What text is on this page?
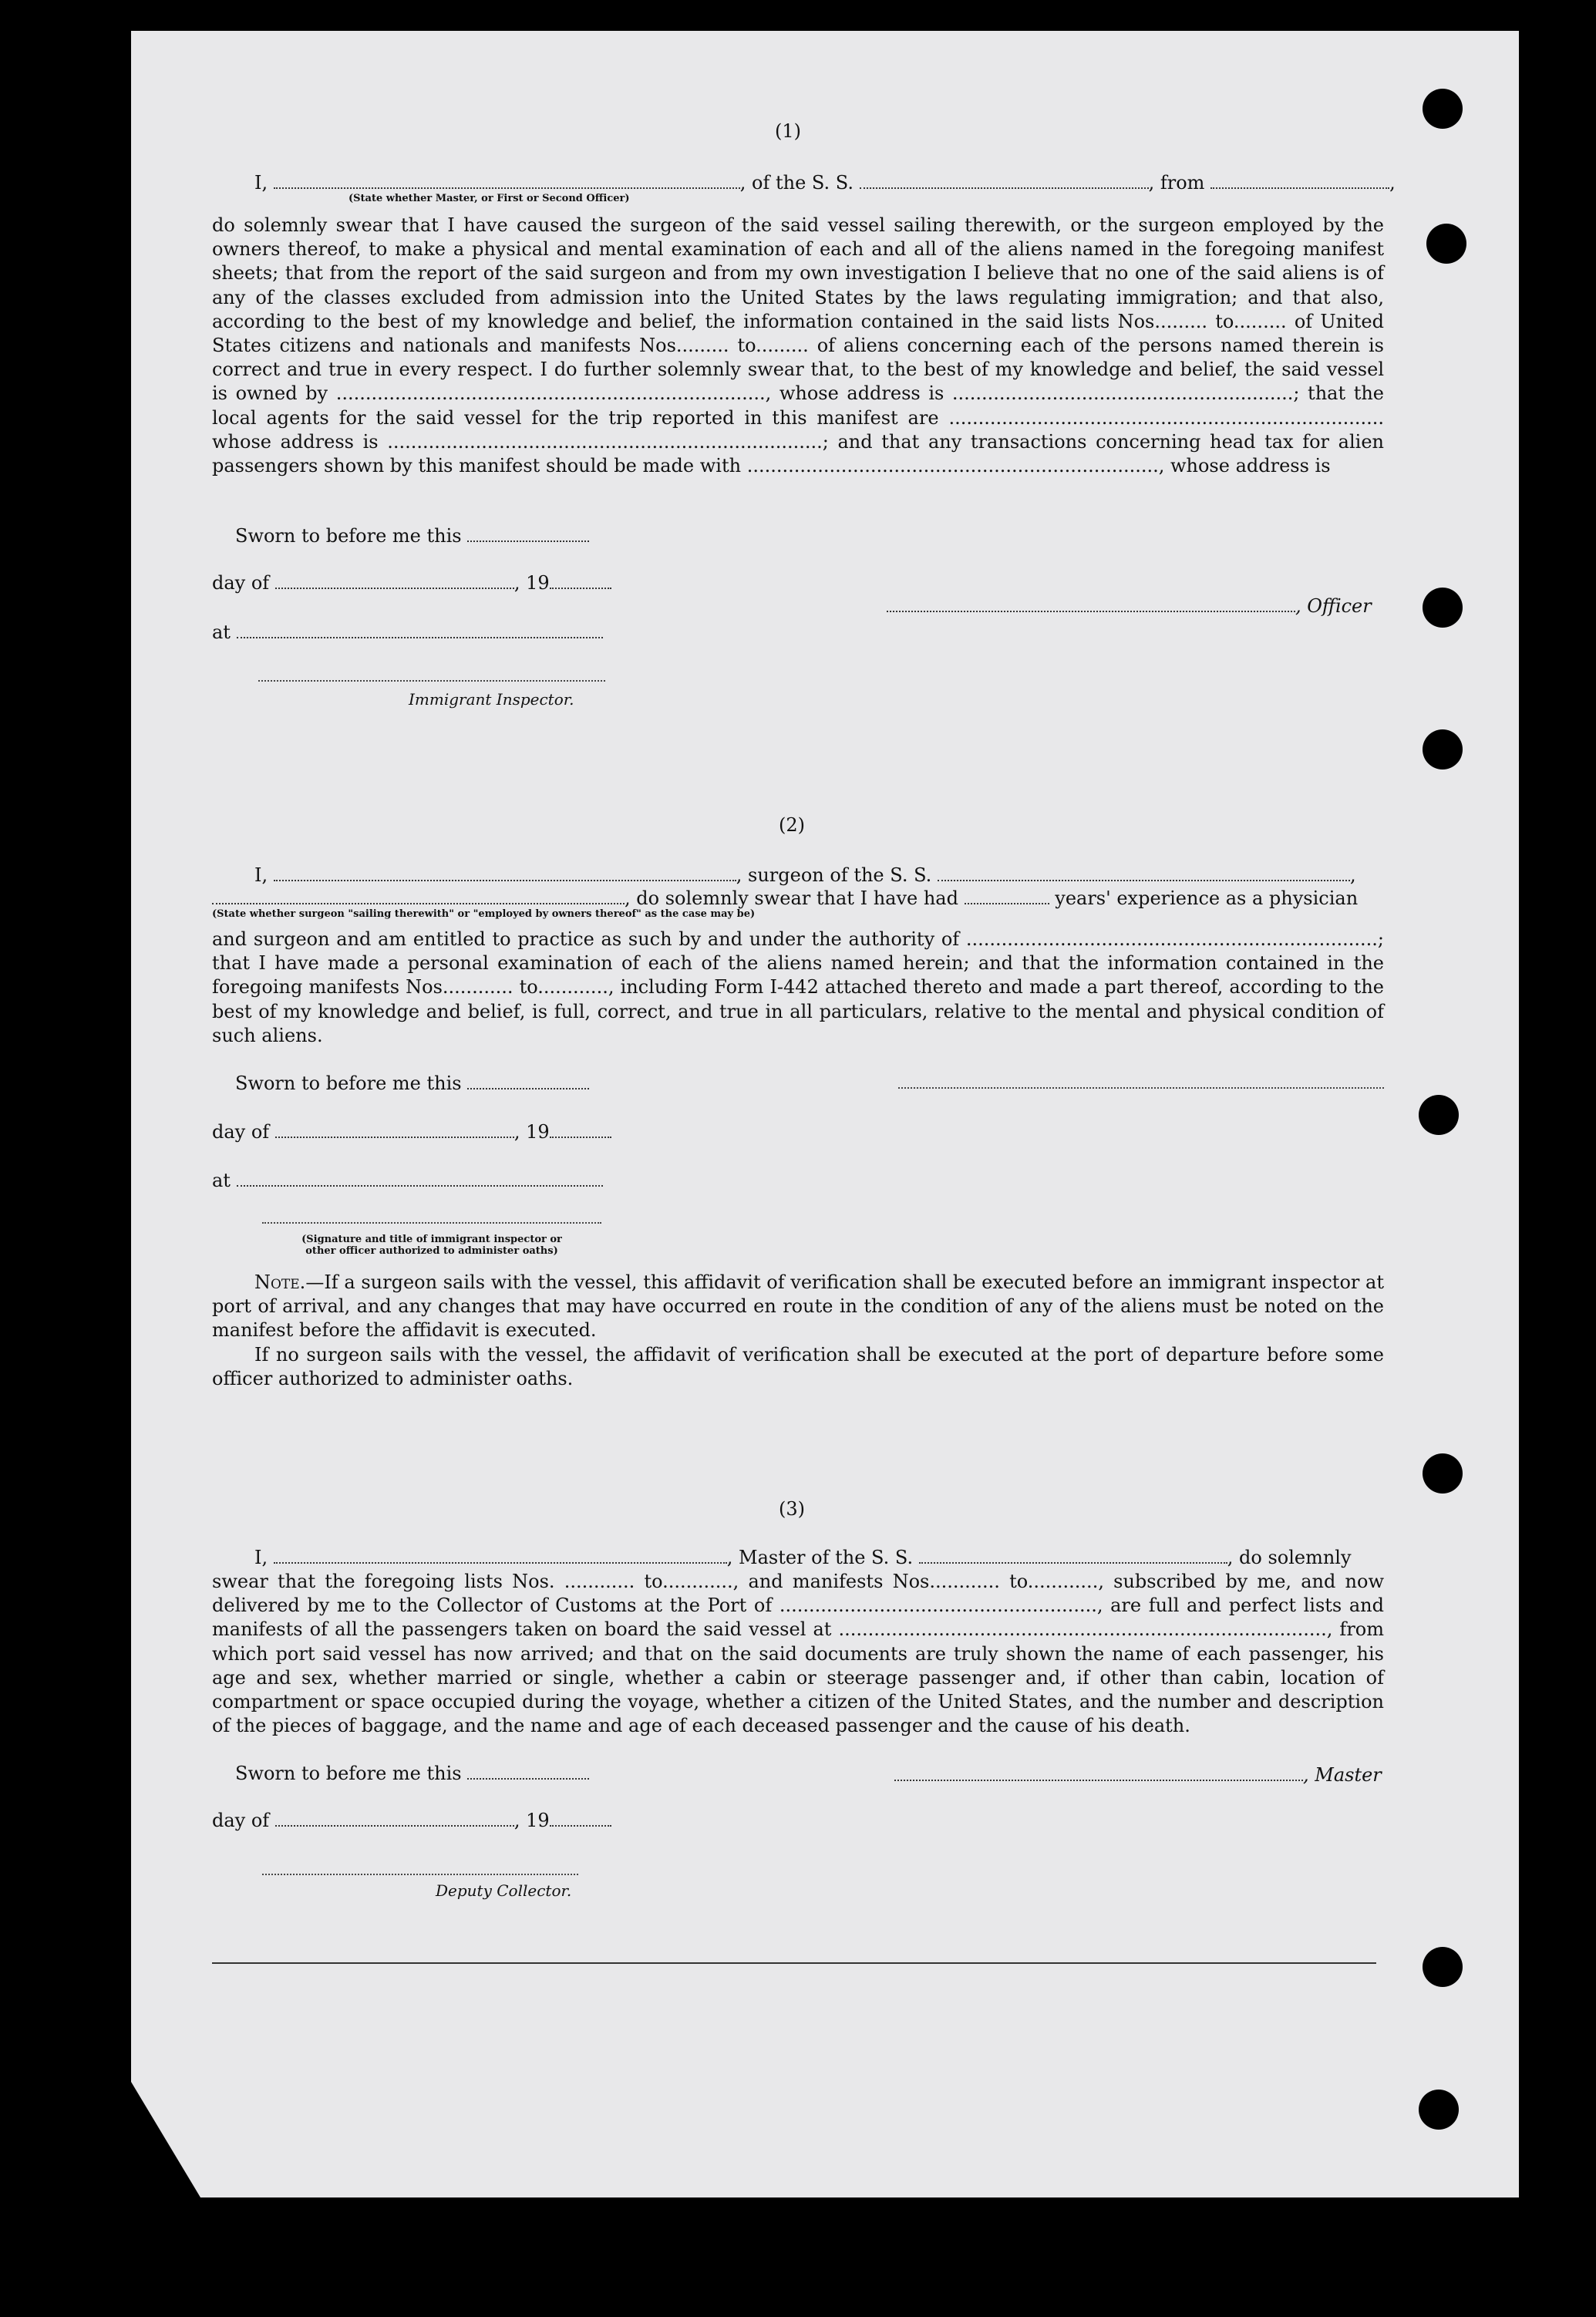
(1)
I,	, of the S. S.	, from	,
(State whether Master, or First or Second Officer)
do solemnly swear that I have caused the surgeon of the said vessel sailing therewith, or the surgeon employed by the owners thereof, to make a physical and mental examination of each and all of the aliens named in the foregoing manifest sheets; that from the report of the said surgeon and from my own investigation I believe that no one of the said aliens is of any of the classes excluded from admission into the United States by the laws regulating immigration; and that also, according to the best of my knowledge and belief, the information contained in the said lists Nos......... to......... of United States citizens and nationals and manifests Nos......... to......... of aliens concerning each of the persons named therein is correct and true in every respect. I do further solemnly swear that, to the best of my knowledge and belief, the said vessel is owned by ........................................................................., whose address is ..........................................................; that the local agents for the said vessel for the trip reported in this manifest are .......................................................................... whose address is ..........................................................................; and that any transactions concerning head tax for alien passengers shown by this manifest should be made with ......................................................................, whose address is
Sworn to before me this
day of	, 19
at
, Officer
Immigrant Inspector.
(2)
I,	, surgeon of the S. S.	,
, do solemnly swear that I have had	years' experience as a physician
(State whether surgeon "sailing therewith" or "employed by owners thereof" as the case may be)
and surgeon and am entitled to practice as such by and under the authority of ......................................................................; that I have made a personal examination of each of the aliens named herein; and that the information contained in the foregoing manifests Nos............ to............, including Form I-442 attached thereto and made a part thereof, according to the best of my knowledge and belief, is full, correct, and true in all particulars, relative to the mental and physical condition of such aliens.
Sworn to before me this
day of	, 19
at
(Signature and title of immigrant inspector or
other officer authorized to administer oaths)
Note.—If a surgeon sails with the vessel, this affidavit of verification shall be executed before an immigrant inspector at port of arrival, and any changes that may have occurred en route in the condition of any of the aliens must be noted on the manifest before the affidavit is executed.
If no surgeon sails with the vessel, the affidavit of verification shall be executed at the port of departure before some officer authorized to administer oaths.
(3)
I,	, Master of the S. S.	, do solemnly
swear that the foregoing lists Nos. ............ to............, and manifests Nos............ to............, subscribed by me, and now delivered by me to the Collector of Customs at the Port of ......................................................, are full and perfect lists and manifests of all the passengers taken on board the said vessel at ..................................................................................., from which port said vessel has now arrived; and that on the said documents are truly shown the name of each passenger, his age and sex, whether married or single, whether a cabin or steerage passenger and, if other than cabin, location of compartment or space occupied during the voyage, whether a citizen of the United States, and the number and description of the pieces of baggage, and the name and age of each deceased passenger and the cause of his death.
Sworn to before me this	, Master
day of	, 19
Deputy Collector.
